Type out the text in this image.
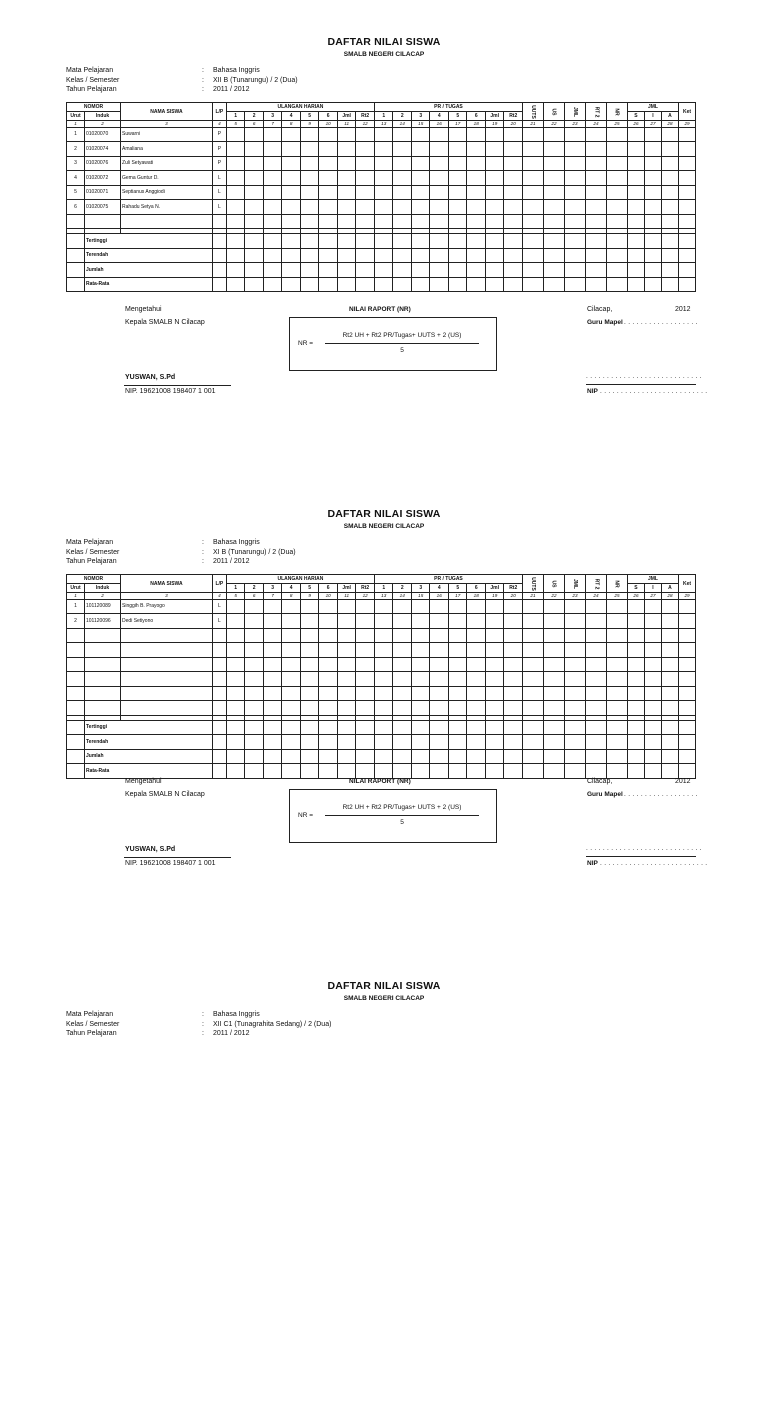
DAFTAR NILAI SISWA
SMALB NEGERI CILACAP
Mata Pelajaran	: Bahasa Inggris
Kelas / Semester	: XII B (Tunarungu) / 2 (Dua)
Tahun Pelajaran	: 2011 / 2012
NOMOR		NAMA SISWA	L/P	ULANGAN HARIAN								PR / TUGAS								UUTS	US	JML	RT 2	NR	JML			Ket
Urut	Induk			1	2	3	4	5	6	Jml	Rt2	1	2	3	4	5	6	Jml	Rt2						S	I	A	
1	2	3	4	5	6	7	8	9	10	11	12	13	14	15	16	17	18	19	20	21	22	23	24	25	26	27	28	29
1	01020070	Suwarni	P																									
2	01020074	Amaliana	P																									
3	01020076	Zuli Setyawati	P																									
4	01020072	Gema Guntur D.	L																									
5	01020071	Septianus Anggiodi	L																									
6	01020075	Rahadu Setya N.	L																									

	Tertinggi																											
	Terendah																											
	Jumlah																											
	Rata-Rata																											
Mengetahui
Kepala SMALB N Cilacap
NILAI RAPORT (NR)
NR =
Rt2 UH + Rt2 PR/Tugas+ UUTS + 2 (US)
5
Cilacap,	2012
Guru Mapel . . . . . . . . . . . . . . . . . .
YUSWAN, S.Pd
NIP. 19621008 198407 1 001
. . . . . . . . . . . . . . . . . . . . . . . . . . . .
NIP . . . . . . . . . . . . . . . . . . . . . . . . . .
DAFTAR NILAI SISWA
SMALB NEGERI CILACAP
Mata Pelajaran	: Bahasa Inggris
Kelas / Semester	: XI B (Tunarungu) / 2 (Dua)
Tahun Pelajaran	: 2011 / 2012
NOMOR		NAMA SISWA	L/P	ULANGAN HARIAN								PR / TUGAS								UUTS	US	JML	RT 2	NR	JML			Ket
Urut	Induk			1	2	3	4	5	6	Jml	Rt2	1	2	3	4	5	6	Jml	Rt2						S	I	A	
1	2	3	4	5	6	7	8	9	10	11	12	13	14	15	16	17	18	19	20	21	22	23	24	25	26	27	28	29
1	101120089	Singgih B. Prayogo	L																									
2	101120096	Dedi Setiyono	L																									

	Tertinggi																											
	Terendah																											
	Jumlah																											
	Rata-Rata																											
Mengetahui
Kepala SMALB N Cilacap
NILAI RAPORT (NR)
NR =
Rt2 UH + Rt2 PR/Tugas+ UUTS + 2 (US)
5
Cilacap,	2012
Guru Mapel . . . . . . . . . . . . . . . . . .
YUSWAN, S.Pd
NIP. 19621008 198407 1 001
. . . . . . . . . . . . . . . . . . . . . . . . . . . .
NIP . . . . . . . . . . . . . . . . . . . . . . . . . .
DAFTAR NILAI SISWA
SMALB NEGERI CILACAP
Mata Pelajaran	: Bahasa Inggris
Kelas / Semester	: XII C1 (Tunagrahita Sedang) / 2 (Dua)
Tahun Pelajaran	: 2011 / 2012
